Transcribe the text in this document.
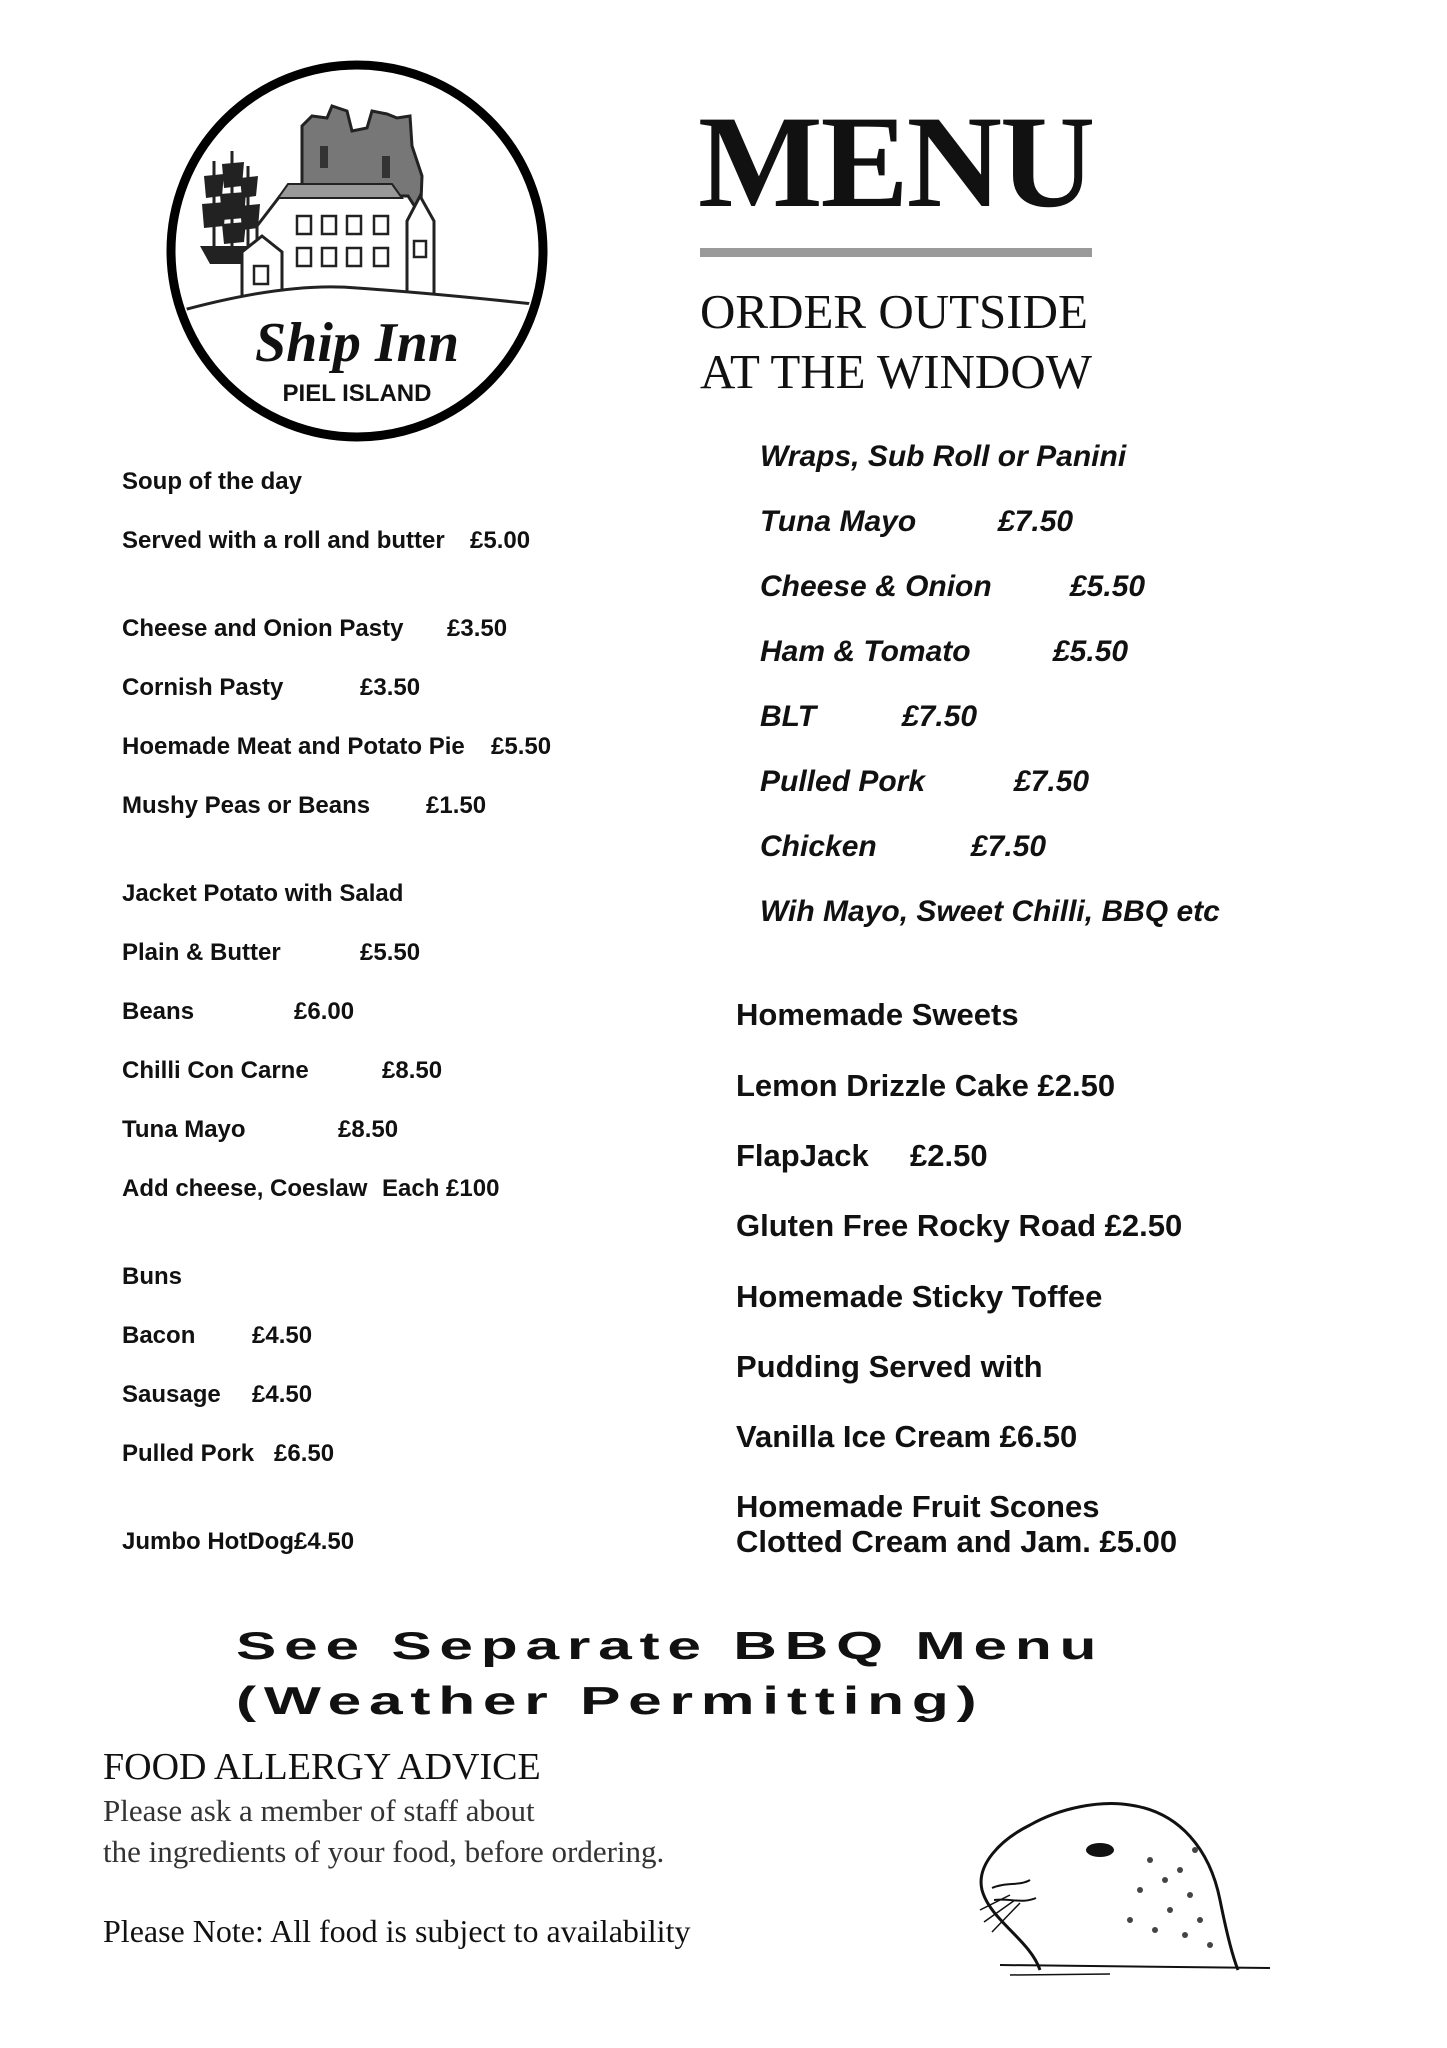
Ship Inn
PIEL ISLAND
MENU
ORDER OUTSIDE
AT THE WINDOW
Soup of the day
Served with a roll and butter £5.00
Cheese and Onion Pasty £3.50
Cornish Pasty	£3.50
Hoemade Meat and Potato Pie £5.50
Mushy Peas or Beans £1.50
Jacket Potato with Salad
Plain & Butter	£5.50
Beans	£6.00
Chilli Con Carne	£8.50
Tuna Mayo	£8.50
Add cheese, Coeslaw Each £100
Buns
Bacon £4.50
Sausage £4.50
Pulled Pork £6.50
Jumbo HotDog £4.50
Wraps, Sub Roll or Panini
Tuna Mayo	£7.50
Cheese & Onion	£5.50
Ham & Tomato	£5.50
BLT	£7.50
Pulled Pork	£7.50
Chicken	£7.50
Wih Mayo, Sweet Chilli, BBQ etc
Homemade Sweets
Lemon Drizzle Cake £2.50
FlapJack £2.50
Gluten Free Rocky Road £2.50
Homemade Sticky Toffee
Pudding Served with
Vanilla Ice Cream £6.50
Homemade Fruit Scones
Clotted Cream and Jam. £5.00
See Separate BBQ Menu
(Weather Permitting)
FOOD ALLERGY ADVICE
Please ask a member of staff about
the ingredients of your food, before ordering.
Please Note: All food is subject to availability
